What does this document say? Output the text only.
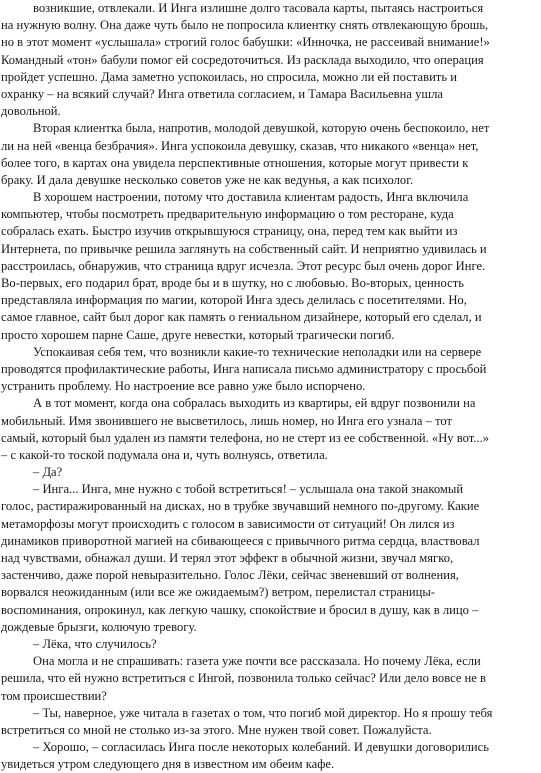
возникшие, отвлекали. И Инга излишне долго тасовала карты, пытаясь настроиться
на нужную волну. Она даже чуть было не попросила клиентку снять отвлекающую брошь,
но в этот момент «услышала» строгий голос бабушки: «Инночка, не рассеивай внимание!»
Командный «тон» бабули помог ей сосредоточиться. Из расклада выходило, что операция
пройдет успешно. Дама заметно успокоилась, но спросила, можно ли ей поставить и
охранку – на всякий случай? Инга ответила согласием, и Тамара Васильевна ушла
довольной.
Вторая клиентка была, напротив, молодой девушкой, которую очень беспокоило, нет
ли на ней «венца безбрачия». Инга успокоила девушку, сказав, что никакого «венца» нет,
более того, в картах она увидела перспективные отношения, которые могут привести к
браку. И дала девушке несколько советов уже не как ведунья, а как психолог.
В хорошем настроении, потому что доставила клиентам радость, Инга включила
компьютер, чтобы посмотреть предварительную информацию о том ресторане, куда
собралась ехать. Быстро изучив открывшуюся страницу, она, перед тем как выйти из
Интернета, по привычке решила заглянуть на собственный сайт. И неприятно удивилась и
расстроилась, обнаружив, что страница вдруг исчезла. Этот ресурс был очень дорог Инге.
Во-первых, его подарил брат, вроде бы и в шутку, но с любовью. Во-вторых, ценность
представляла информация по магии, которой Инга здесь делилась с посетителями. Но,
самое главное, сайт был дорог как память о гениальном дизайнере, который его сделал, и
просто хорошем парне Саше, друге невестки, который трагически погиб.
Успокаивая себя тем, что возникли какие-то технические неполадки или на сервере
проводятся профилактические работы, Инга написала письмо администратору с просьбой
устранить проблему. Но настроение все равно уже было испорчено.
А в тот момент, когда она собралась выходить из квартиры, ей вдруг позвонили на
мобильный. Имя звонившего не высветилось, лишь номер, но Инга его узнала – тот
самый, который был удален из памяти телефона, но не стерт из ее собственной. «Ну вот...»
– с какой-то тоской подумала она и, чуть волнуясь, ответила.
– Да?
– Инга... Инга, мне нужно с тобой встретиться! – услышала она такой знакомый
голос, растиражированный на дисках, но в трубке звучавший немного по-другому. Какие
метаморфозы могут происходить с голосом в зависимости от ситуаций! Он лился из
динамиков приворотной магией на сбивающееся с привычного ритма сердца, властвовал
над чувствами, обнажал души. И терял этот эффект в обычной жизни, звучал мягко,
застенчиво, даже порой невыразительно. Голос Лёки, сейчас звеневший от волнения,
ворвался неожиданным (или все же ожидаемым?) ветром, перелистал страницы-
воспоминания, опрокинул, как легкую чашку, спокойствие и бросил в душу, как в лицо –
дождевые брызги, колючую тревогу.
– Лёка, что случилось?
Она могла и не спрашивать: газета уже почти все рассказала. Но почему Лёка, если
решила, что ей нужно встретиться с Ингой, позвонила только сейчас? Или дело вовсе не в
том происшествии?
– Ты, наверное, уже читала в газетах о том, что погиб мой директор. Но я прошу тебя
встретиться со мной не столько из-за этого. Мне нужен твой совет. Пожалуйста.
– Хорошо, – согласилась Инга после некоторых колебаний. И девушки договорились
увидеться утром следующего дня в известном им обеим кафе.
